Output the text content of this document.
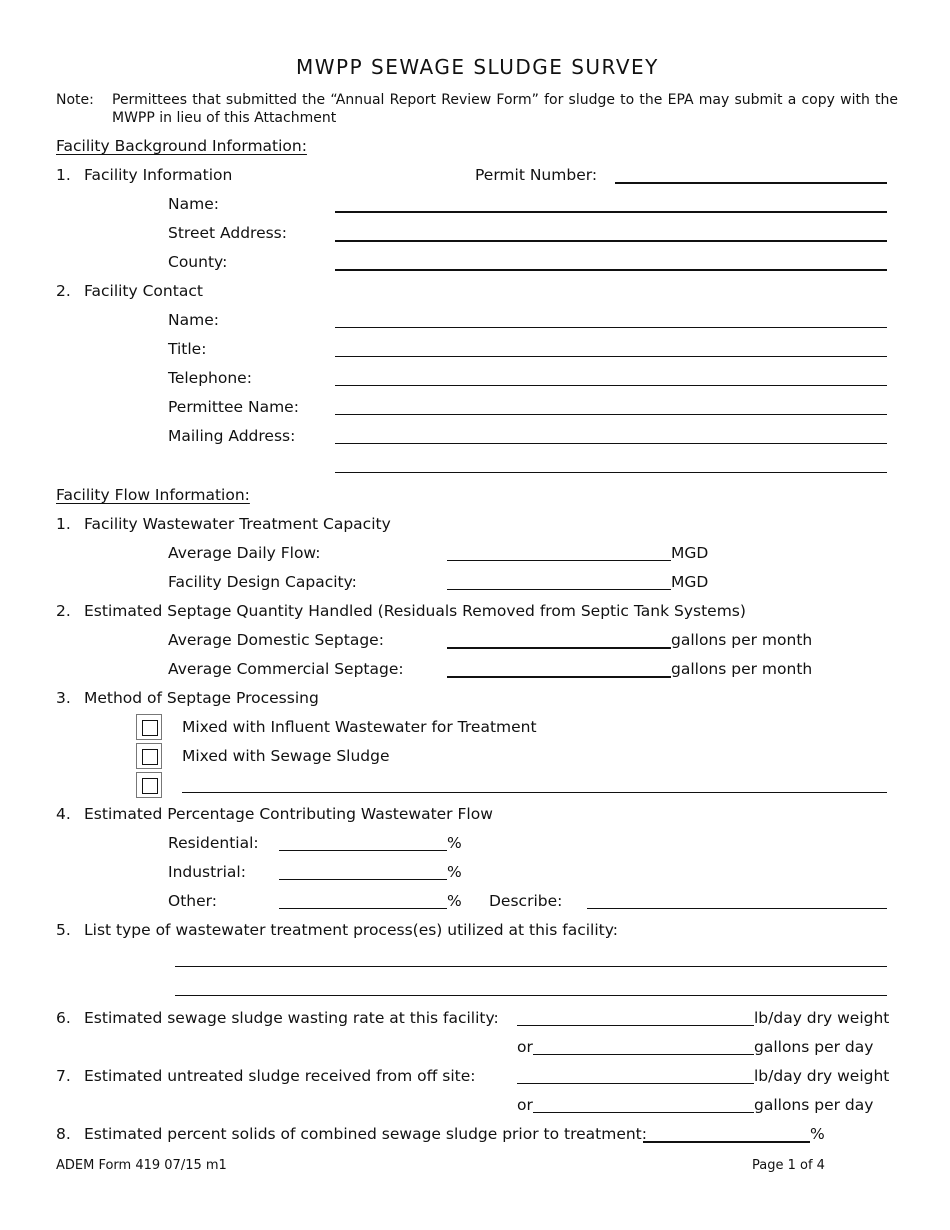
MWPP SEWAGE SLUDGE SURVEY
Note: Permittees that submitted the “Annual Report Review Form” for sludge to the EPA may submit a copy with the
MWPP in lieu of this Attachment
Facility Background Information:
1. Facility Information	Permit Number:
Name:
Street Address:
County:
2. Facility Contact
Name:
Title:
Telephone:
Permittee Name:
Mailing Address:
Facility Flow Information:
1. Facility Wastewater Treatment Capacity
Average Daily Flow:	MGD
Facility Design Capacity:	MGD
2. Estimated Septage Quantity Handled (Residuals Removed from Septic Tank Systems)
Average Domestic Septage:	gallons per month
Average Commercial Septage:	gallons per month
3. Method of Septage Processing
Mixed with Influent Wastewater for Treatment
Mixed with Sewage Sludge
4. Estimated Percentage Contributing Wastewater Flow
Residential:	%
Industrial:	%
Other:	% Describe:
5. List type of wastewater treatment process(es) utilized at this facility:
6. Estimated sewage sludge wasting rate at this facility:	lb/day dry weight
or	gallons per day
7. Estimated untreated sludge received from off site:	lb/day dry weight
or	gallons per day
8. Estimated percent solids of combined sewage sludge prior to treatment:	%
ADEM Form 419 07/15 m1	Page 1 of 4
